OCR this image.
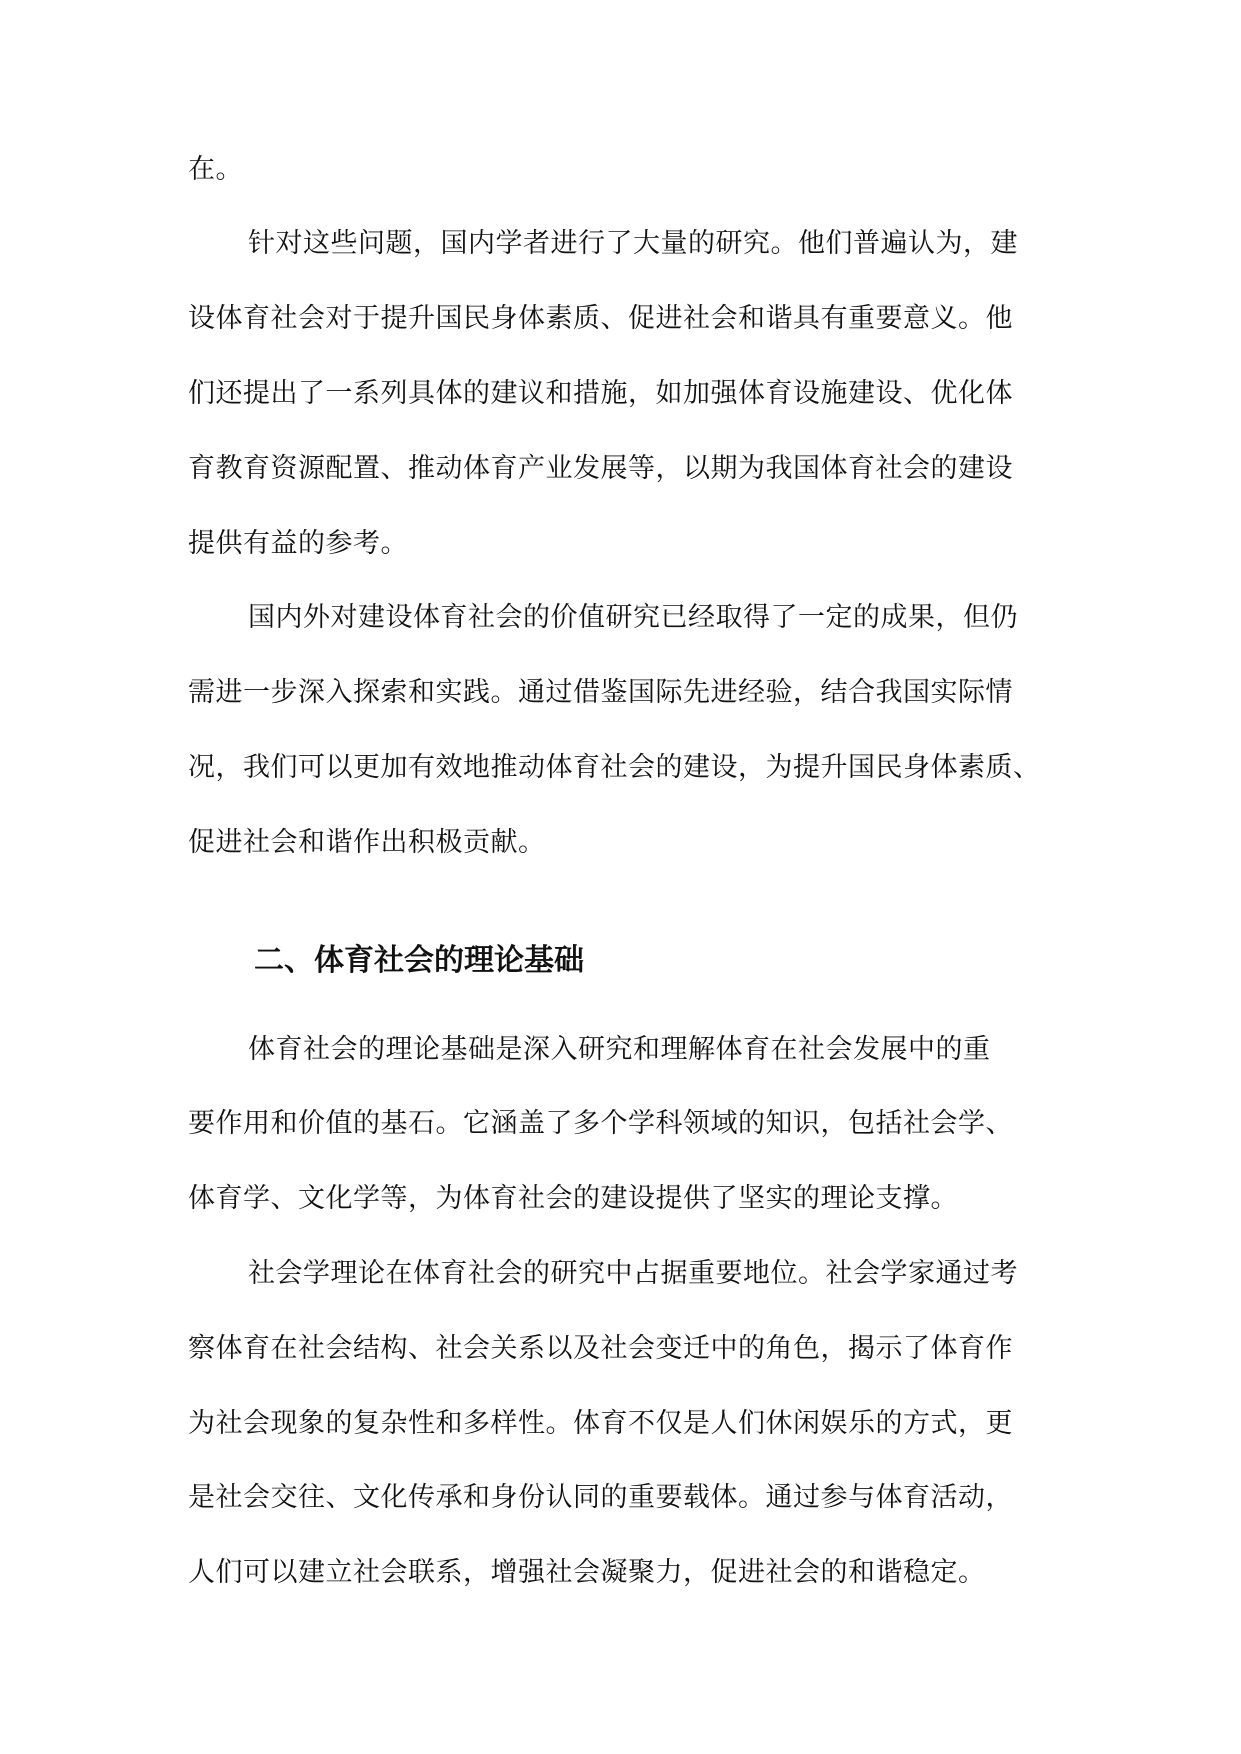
在。
针对这些问题，国内学者进行了大量的研究。他们普遍认为，建
设体育社会对于提升国民身体素质、促进社会和谐具有重要意义。他
们还提出了一系列具体的建议和措施，如加强体育设施建设、优化体
育教育资源配置、推动体育产业发展等，以期为我国体育社会的建设
提供有益的参考。
国内外对建设体育社会的价值研究已经取得了一定的成果，但仍
需进一步深入探索和实践。通过借鉴国际先进经验，结合我国实际情
况，我们可以更加有效地推动体育社会的建设，为提升国民身体素质、
促进社会和谐作出积极贡献。
二、体育社会的理论基础
体育社会的理论基础是深入研究和理解体育在社会发展中的重
要作用和价值的基石。它涵盖了多个学科领域的知识，包括社会学、
体育学、文化学等，为体育社会的建设提供了坚实的理论支撑。
社会学理论在体育社会的研究中占据重要地位。社会学家通过考
察体育在社会结构、社会关系以及社会变迁中的角色，揭示了体育作
为社会现象的复杂性和多样性。体育不仅是人们休闲娱乐的方式，更
是社会交往、文化传承和身份认同的重要载体。通过参与体育活动，
人们可以建立社会联系，增强社会凝聚力，促进社会的和谐稳定。
